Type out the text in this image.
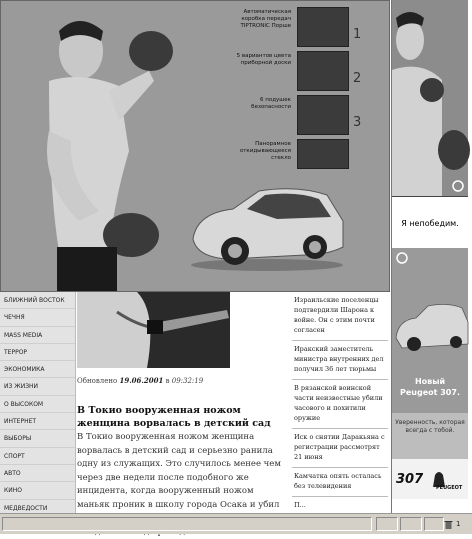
Автоматическая коробка передач TIPTRONIC Порше
1
5 вариантов цвета приборной доски
2
6 подушек безопасности
3
Панорамное откидывающееся стекло
Я непобедим.
Новый
Peugeot 307.
Уверенность, которая всегда с тобой.
307
PEUGEOT
БЛИЖНИЙ ВОСТОК
ЧЕЧНЯ
MASS MEDIA
ТЕРРОР
ЭКОНОМИКА
ИЗ ЖИЗНИ
О ВЫСОКОМ
ИНТЕРНЕТ
ВЫБОРЫ
СПОРТ
АВТО
КИНО
МЕДВЕДОСТИ
Обновлено 19.06.2001 в 09:32:19
В Токио вооруженная ножом женщина ворвалась в детский сад
В Токио вооруженная ножом женщина ворвалась в детский сад и серьезно ранила одну из служащих. Это случилось менее чем через две недели после подобного же инцидента, когда вооруженный ножом маньяк проник в школу города Осака и убил
Израильские поселенцы подтвердили Шарона к войне. Он с этим почти согласен
Иракский заместитель министра внутренних дел получил 36 лет тюрьмы
В рязанской воинской части неизвестные убили часового и похитили оружие
Иск о снятии Даракьяна с регистрации рассмотрят 21 июня
Камчатка опять осталась без телевидения
П...
1
